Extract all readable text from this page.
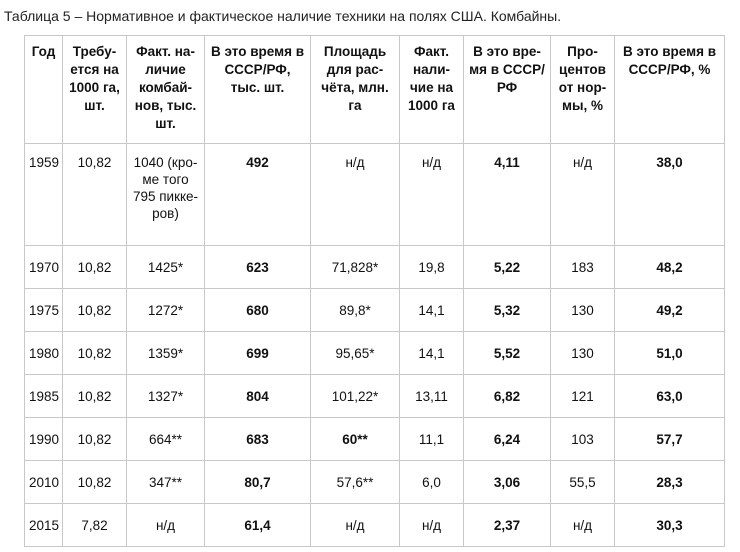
Таблица 5 – Нормативное и фактическое наличие техники на полях США. Комбайны.
Год	Требу-ется на 1000 га, шт.	Факт. на-личие комбай-нов, тыс. шт.	В это время в СССР/РФ, тыс. шт.	Площадь для рас-чёта, млн. га	Факт. нали-чие на 1000 га	В это вре-мя в СССР/РФ	Про-центов от нор-мы, %	В это время в СССР/РФ, %
1959	10,82	1040 (кро-ме того 795 пикке-ров)	492	н/д	н/д	4,11	н/д	38,0
1970	10,82	1425*	623	71,828*	19,8	5,22	183	48,2
1975	10,82	1272*	680	89,8*	14,1	5,32	130	49,2
1980	10,82	1359*	699	95,65*	14,1	5,52	130	51,0
1985	10,82	1327*	804	101,22*	13,11	6,82	121	63,0
1990	10,82	664**	683	60**	11,1	6,24	103	57,7
2010	10,82	347**	80,7	57,6**	6,0	3,06	55,5	28,3
2015	7,82	н/д	61,4	н/д	н/д	2,37	н/д	30,3
